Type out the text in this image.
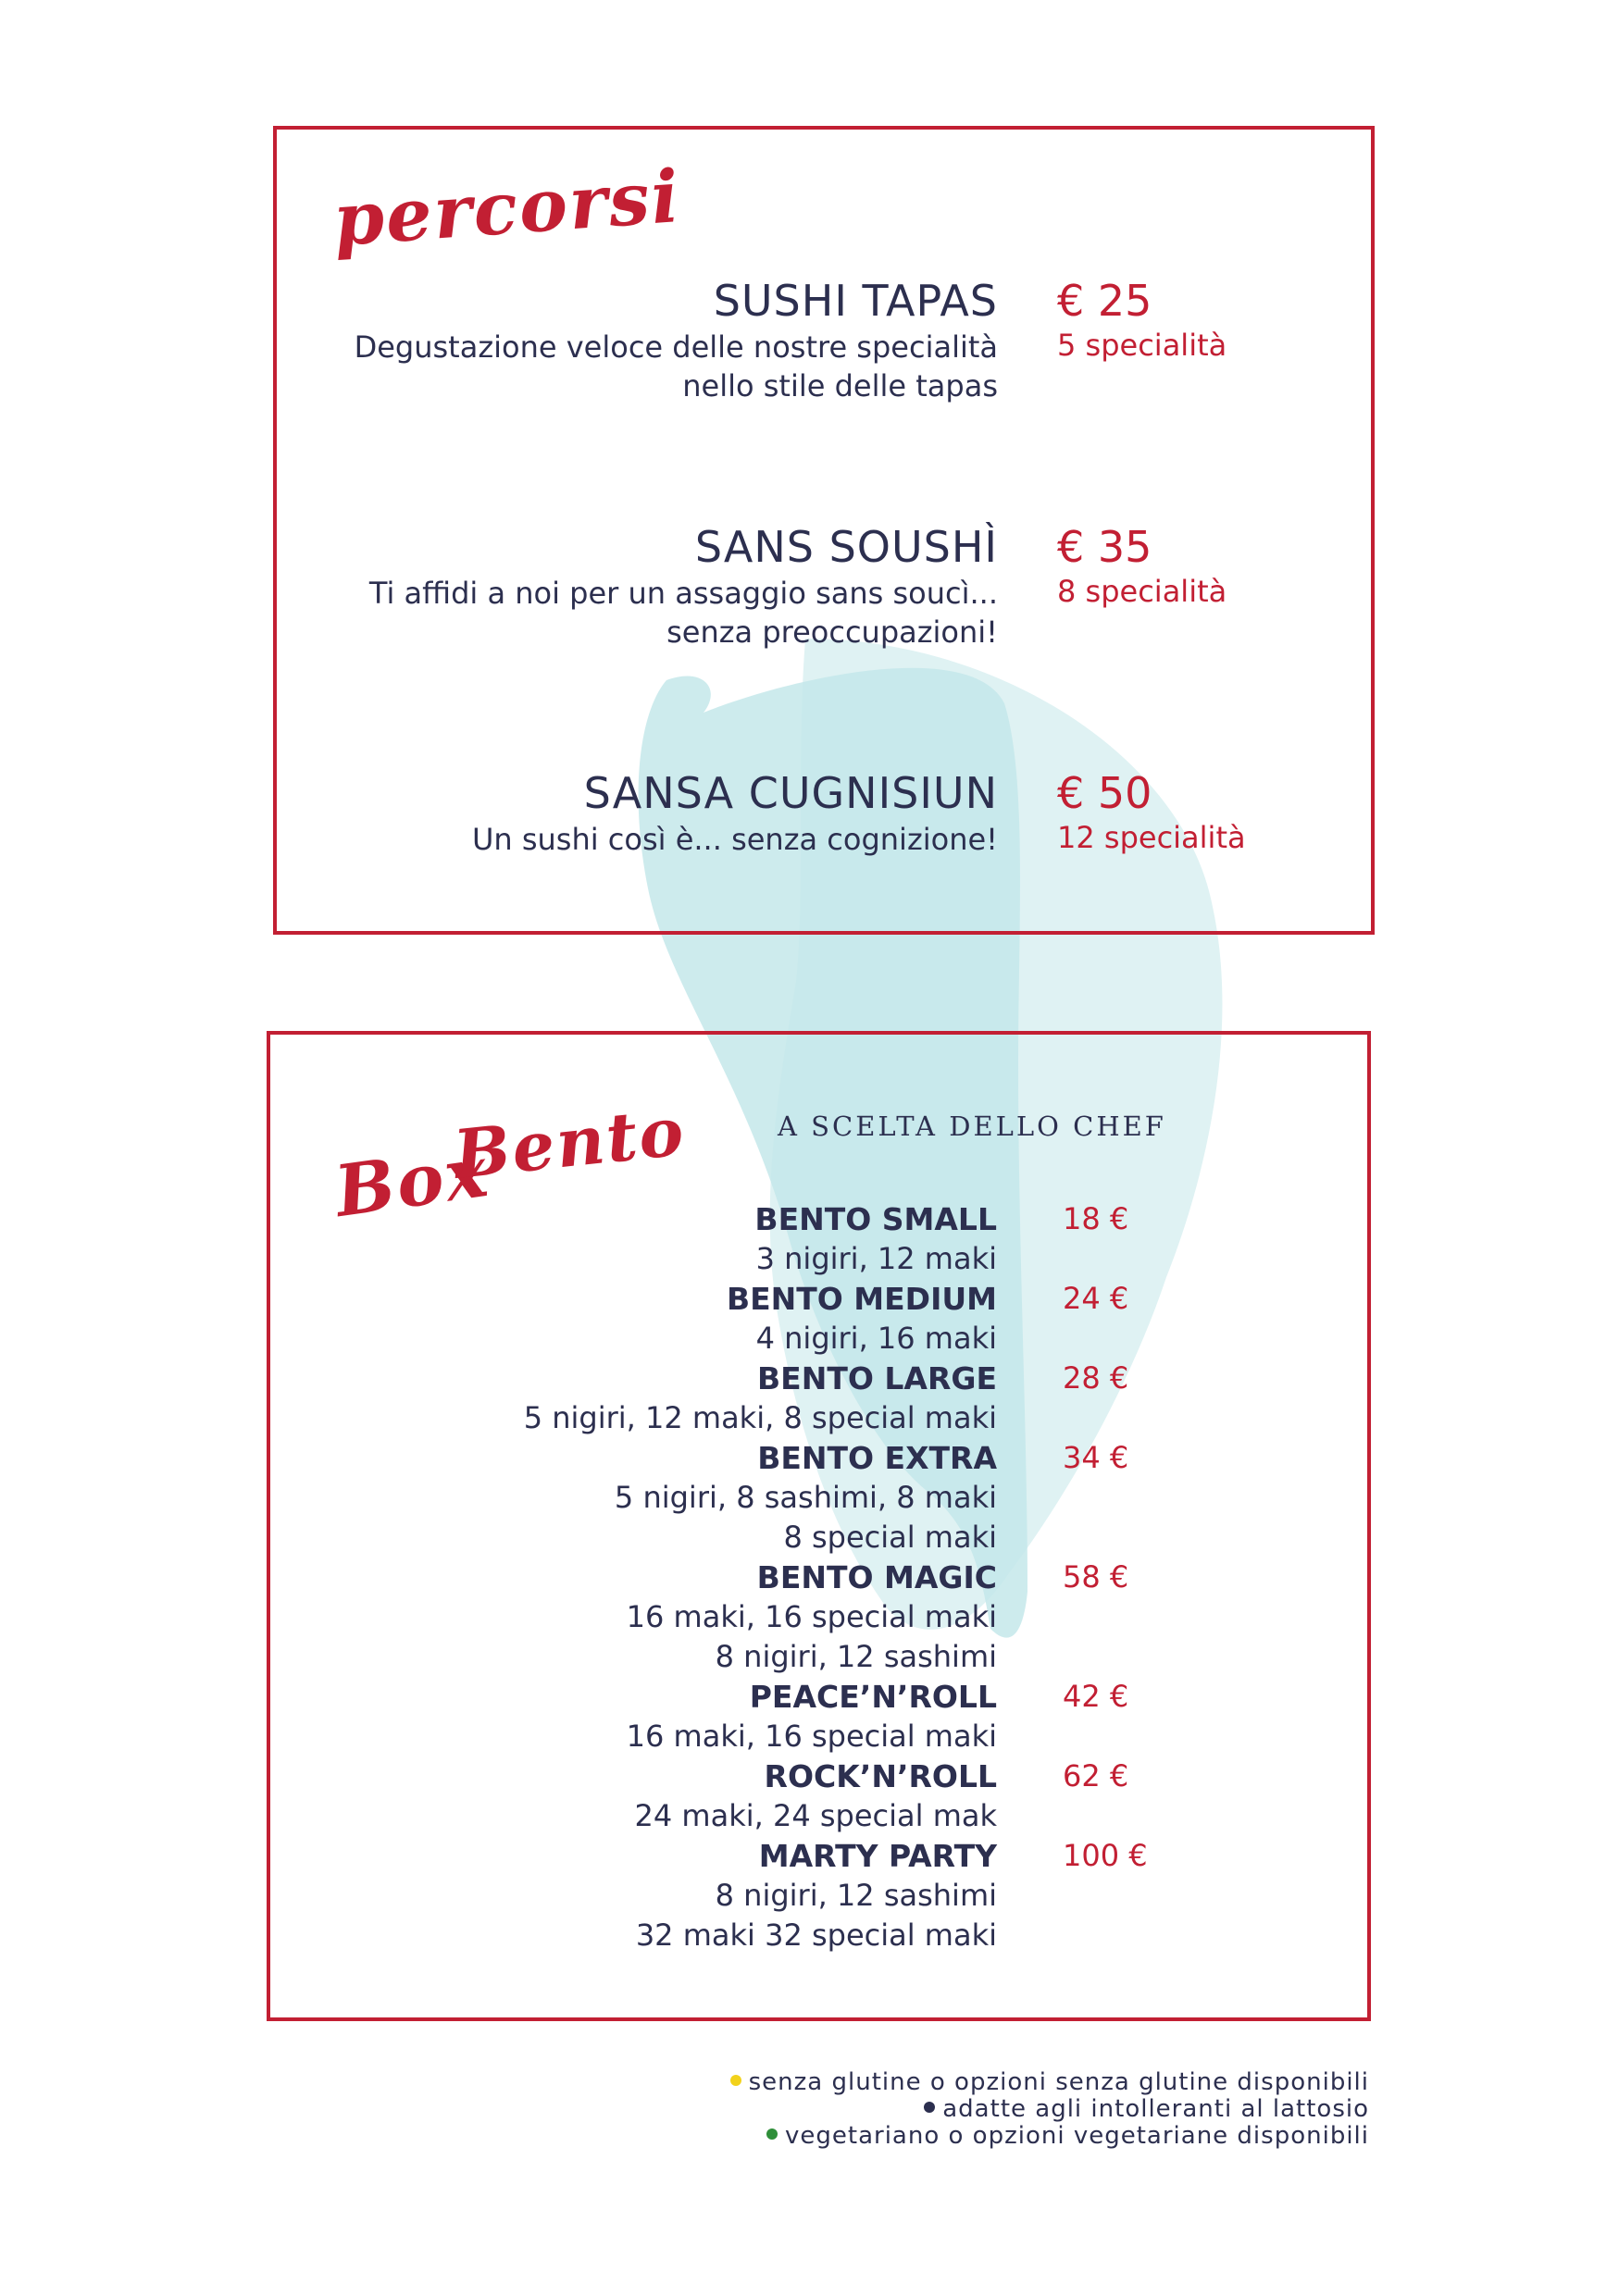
percorsi
SUSHI TAPAS
Degustazione veloce delle nostre specialità
nello stile delle tapas
€ 25
5 specialità
SANS SOUSHÌ
Ti affidi a noi per un assaggio sans soucì...
senza preoccupazioni!
€ 35
8 specialità
SANSA CUGNISIUN
Un sushi così è... senza cognizione!
€ 50
12 specialità
Box
Bento	A SCELTA DELLO CHEF
BENTO SMALL
3 nigiri, 12 maki
18 €
BENTO MEDIUM
4 nigiri, 16 maki
24 €
BENTO LARGE
5 nigiri, 12 maki, 8 special maki
28 €
BENTO EXTRA
5 nigiri, 8 sashimi, 8 maki
8 special maki
34 €
BENTO MAGIC
16 maki, 16 special maki
8 nigiri, 12 sashimi
58 €
PEACE’N’ROLL
16 maki, 16 special maki
42 €
ROCK’N’ROLL
24 maki, 24 special mak
62 €
MARTY PARTY
8 nigiri, 12 sashimi
32 maki 32 special maki
100 €
senza glutine o opzioni senza glutine disponibili
adatte agli intolleranti al lattosio
vegetariano o opzioni vegetariane disponibili
